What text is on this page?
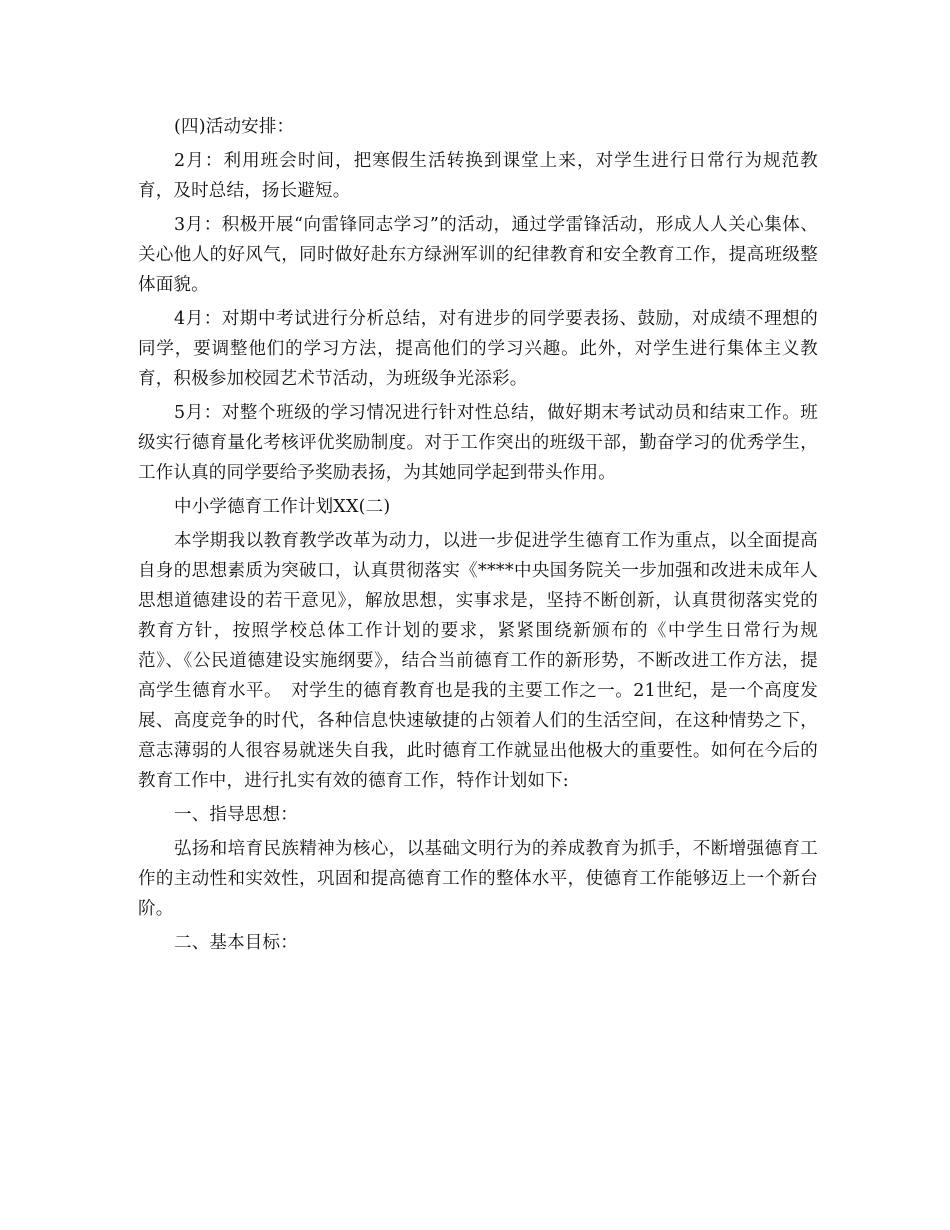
(四)活动安排：

2月：利用班会时间，把寒假生活转换到课堂上来，对学生进行日常行为规范教育，及时总结，扬长避短。

3月：积极开展“向雷锋同志学习”的活动，通过学雷锋活动，形成人人关心集体、关心他人的好风气，同时做好赴东方绿洲军训的纪律教育和安全教育工作，提高班级整体面貌。

4月：对期中考试进行分析总结，对有进步的同学要表扬、鼓励，对成绩不理想的同学，要调整他们的学习方法，提高他们的学习兴趣。此外，对学生进行集体主义教育，积极参加校园艺术节活动，为班级争光添彩。

5月：对整个班级的学习情况进行针对性总结，做好期末考试动员和结束工作。班级实行德育量化考核评优奖励制度。对于工作突出的班级干部，勤奋学习的优秀学生，工作认真的同学要给予奖励表扬，为其她同学起到带头作用。

中小学德育工作计划XX(二)

本学期我以教育教学改革为动力，以进一步促进学生德育工作为重点，以全面提高自身的思想素质为突破口，认真贯彻落实《****中央国务院关一步加强和改进未成年人思想道德建设的若干意见》，解放思想，实事求是，坚持不断创新，认真贯彻落实党的教育方针，按照学校总体工作计划的要求，紧紧围绕新颁布的《中学生日常行为规范》、《公民道德建设实施纲要》，结合当前德育工作的新形势，不断改进工作方法，提高学生德育水平。　对学生的德育教育也是我的主要工作之一。21世纪，是一个高度发展、高度竞争的时代，各种信息快速敏捷的占领着人们的生活空间，在这种情势之下，意志薄弱的人很容易就迷失自我，此时德育工作就显出他极大的重要性。如何在今后的教育工作中，进行扎实有效的德育工作，特作计划如下:

一、指导思想：

弘扬和培育民族精神为核心，以基础文明行为的养成教育为抓手，不断增强德育工作的主动性和实效性，巩固和提高德育工作的整体水平，使德育工作能够迈上一个新台阶。

二、基本目标：
